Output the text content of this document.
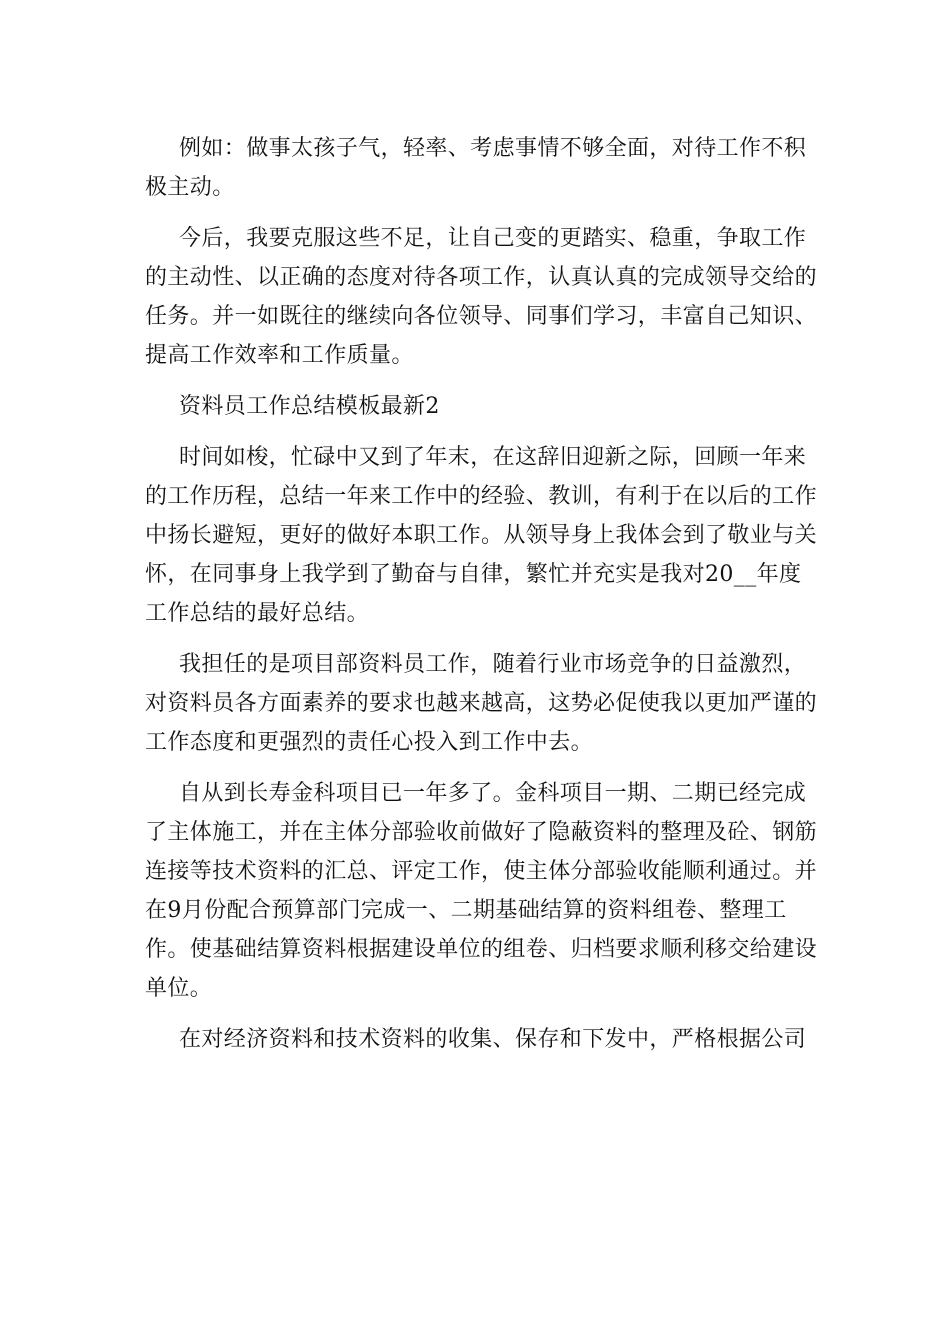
例如：做事太孩子气，轻率、考虑事情不够全面，对待工作不积极主动。

今后，我要克服这些不足，让自己变的更踏实、稳重，争取工作的主动性、以正确的态度对待各项工作，认真认真的完成领导交给的任务。并一如既往的继续向各位领导、同事们学习，丰富自己知识、提高工作效率和工作质量。

资料员工作总结模板最新2

时间如梭，忙碌中又到了年末，在这辞旧迎新之际，回顾一年来的工作历程，总结一年来工作中的经验、教训，有利于在以后的工作中扬长避短，更好的做好本职工作。从领导身上我体会到了敬业与关怀，在同事身上我学到了勤奋与自律，繁忙并充实是我对20__年度工作总结的最好总结。

我担任的是项目部资料员工作，随着行业市场竞争的日益激烈，对资料员各方面素养的要求也越来越高，这势必促使我以更加严谨的工作态度和更强烈的责任心投入到工作中去。

自从到长寿金科项目已一年多了。金科项目一期、二期已经完成了主体施工，并在主体分部验收前做好了隐蔽资料的整理及砼、钢筋连接等技术资料的汇总、评定工作，使主体分部验收能顺利通过。并在9月份配合预算部门完成一、二期基础结算的资料组卷、整理工作。使基础结算资料根据建设单位的组卷、归档要求顺利移交给建设单位。

在对经济资料和技术资料的收集、保存和下发中，严格根据公司
